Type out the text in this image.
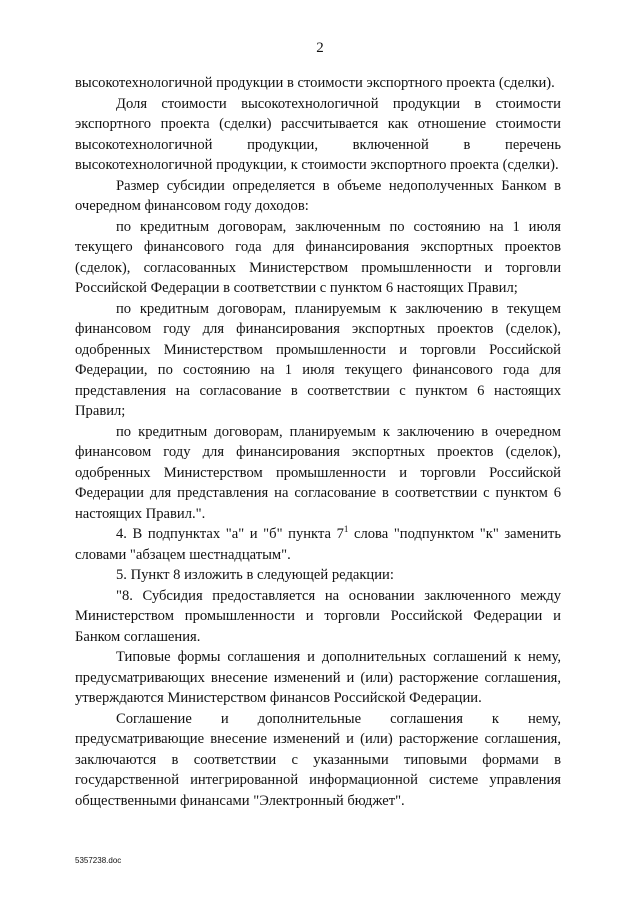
2

высокотехнологичной продукции в стоимости экспортного проекта (сделки).

Доля стоимости высокотехнологичной продукции в стоимости экспортного проекта (сделки) рассчитывается как отношение стоимости высокотехнологичной продукции, включенной в перечень высокотехнологичной продукции, к стоимости экспортного проекта (сделки).

Размер субсидии определяется в объеме недополученных Банком в очередном финансовом году доходов:

по кредитным договорам, заключенным по состоянию на 1 июля текущего финансового года для финансирования экспортных проектов (сделок), согласованных Министерством промышленности и торговли Российской Федерации в соответствии с пунктом 6 настоящих Правил;

по кредитным договорам, планируемым к заключению в текущем финансовом году для финансирования экспортных проектов (сделок), одобренных Министерством промышленности и торговли Российской Федерации, по состоянию на 1 июля текущего финансового года для представления на согласование в соответствии с пунктом 6 настоящих Правил;

по кредитным договорам, планируемым к заключению в очередном финансовом году для финансирования экспортных проектов (сделок), одобренных Министерством промышленности и торговли Российской Федерации для представления на согласование в соответствии с пунктом 6 настоящих Правил.".

4. В подпунктах "а" и "б" пункта $7^1$ слова "подпунктом "к" заменить словами "абзацем шестнадцатым".

5. Пункт 8 изложить в следующей редакции:

"8. Субсидия предоставляется на основании заключенного между Министерством промышленности и торговли Российской Федерации и Банком соглашения.

Типовые формы соглашения и дополнительных соглашений к нему, предусматривающих внесение изменений и (или) расторжение соглашения, утверждаются Министерством финансов Российской Федерации.

Соглашение и дополнительные соглашения к нему, предусматривающие внесение изменений и (или) расторжение соглашения, заключаются в соответствии с указанными типовыми формами в государственной интегрированной информационной системе управления общественными финансами "Электронный бюджет".

5357238.doc
